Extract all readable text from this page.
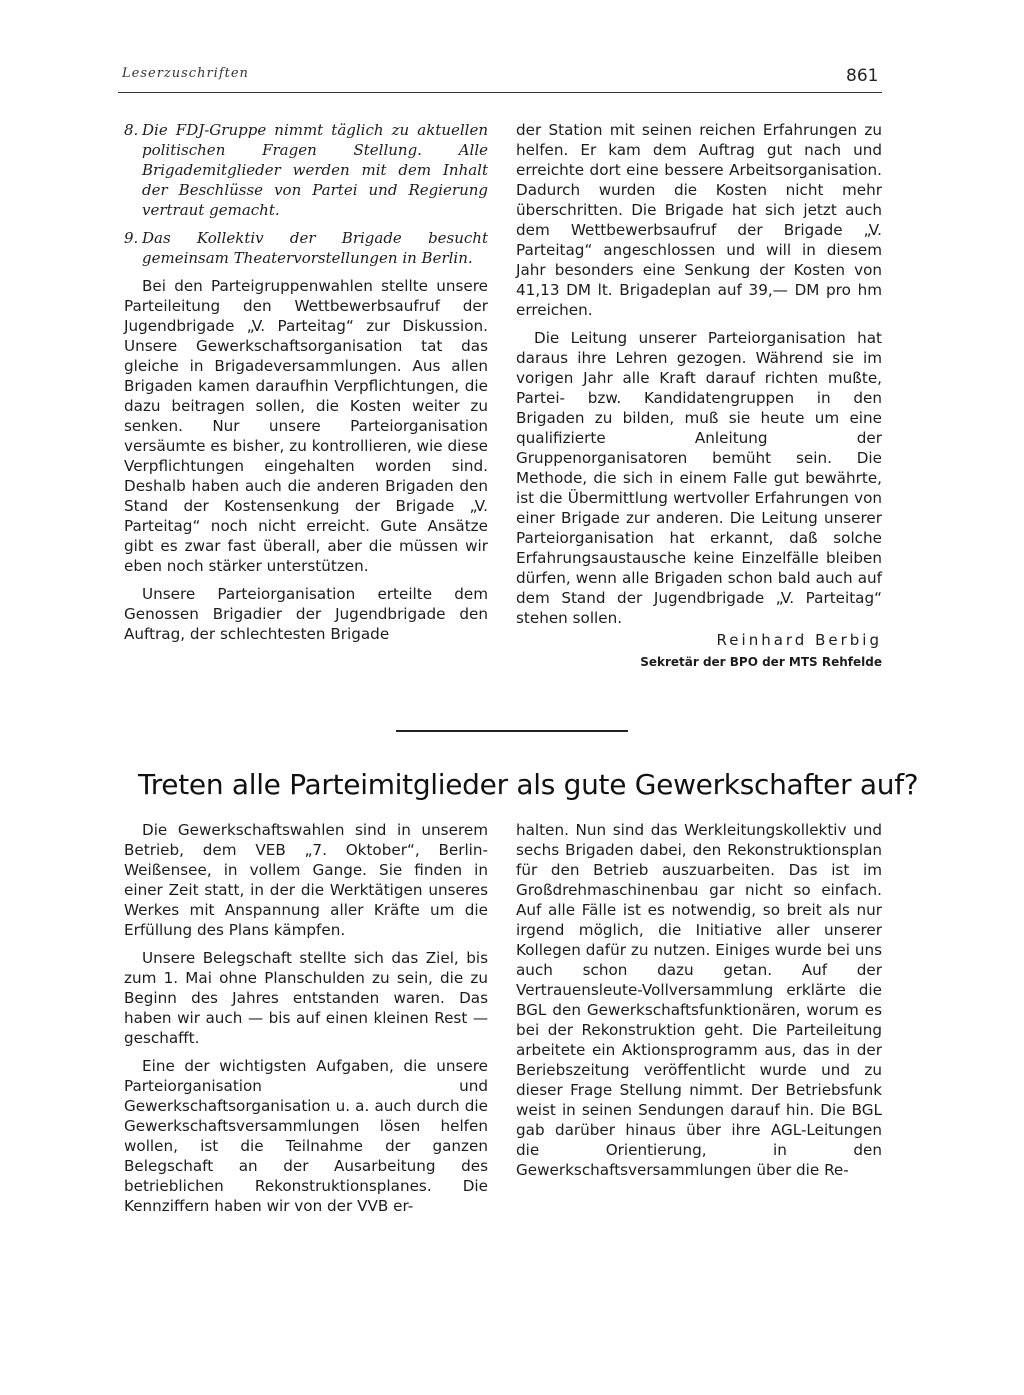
Leserzuschriften	861
8. Die FDJ-Gruppe nimmt täglich zu aktuellen politischen Fragen Stellung. Alle Brigademitglieder werden mit dem Inhalt der Beschlüsse von Partei und Regierung vertraut gemacht.
9. Das Kollektiv der Brigade besucht gemeinsam Theatervorstellungen in Berlin.

Bei den Parteigruppenwahlen stellte unsere Parteileitung den Wettbewerbsaufruf der Jugendbrigade „V. Parteitag“ zur Diskussion. Unsere Gewerkschaftsorganisation tat das gleiche in Brigadeversammlungen. Aus allen Brigaden kamen daraufhin Verpflichtungen, die dazu beitragen sollen, die Kosten weiter zu senken. Nur unsere Parteiorganisation versäumte es bisher, zu kontrollieren, wie diese Verpflichtungen eingehalten worden sind. Deshalb haben auch die anderen Brigaden den Stand der Kostensenkung der Brigade „V. Parteitag“ noch nicht erreicht. Gute Ansätze gibt es zwar fast überall, aber die müssen wir eben noch stärker unterstützen.

Unsere Parteiorganisation erteilte dem Genossen Brigadier der Jugendbrigade den Auftrag, der schlechtesten Brigade

der Station mit seinen reichen Erfahrungen zu helfen. Er kam dem Auftrag gut nach und erreichte dort eine bessere Arbeitsorganisation. Dadurch wurden die Kosten nicht mehr überschritten. Die Brigade hat sich jetzt auch dem Wettbewerbsaufruf der Brigade „V. Parteitag“ angeschlossen und will in diesem Jahr besonders eine Senkung der Kosten von 41,13 DM lt. Brigadeplan auf 39,— DM pro hm erreichen.

Die Leitung unserer Parteiorganisation hat daraus ihre Lehren gezogen. Während sie im vorigen Jahr alle Kraft darauf richten mußte, Partei- bzw. Kandidatengruppen in den Brigaden zu bilden, muß sie heute um eine qualifizierte Anleitung der Gruppenorganisatoren bemüht sein. Die Methode, die sich in einem Falle gut bewährte, ist die Übermittlung wertvoller Erfahrungen von einer Brigade zur anderen. Die Leitung unserer Parteiorganisation hat erkannt, daß solche Erfahrungsaustausche keine Einzelfälle bleiben dürfen, wenn alle Brigaden schon bald auch auf dem Stand der Jugendbrigade „V. Parteitag“ stehen sollen.

Reinhard Berbig
Sekretär der BPO der MTS Rehfelde
Treten alle Parteimitglieder als gute Gewerkschafter auf?

Die Gewerkschaftswahlen sind in unserem Betrieb, dem VEB „7. Oktober“, Berlin-Weißensee, in vollem Gange. Sie finden in einer Zeit statt, in der die Werktätigen unseres Werkes mit Anspannung aller Kräfte um die Erfüllung des Plans kämpfen.

Unsere Belegschaft stellte sich das Ziel, bis zum 1. Mai ohne Planschulden zu sein, die zu Beginn des Jahres entstanden waren. Das haben wir auch — bis auf einen kleinen Rest — geschafft.

Eine der wichtigsten Aufgaben, die unsere Parteiorganisation und Gewerkschaftsorganisation u. a. auch durch die Gewerkschaftsversammlungen lösen helfen wollen, ist die Teilnahme der ganzen Belegschaft an der Ausarbeitung des betrieblichen Rekonstruktionsplanes. Die Kennziffern haben wir von der VVB er-

halten. Nun sind das Werkleitungskollektiv und sechs Brigaden dabei, den Rekonstruktionsplan für den Betrieb auszuarbeiten. Das ist im Großdrehmaschinenbau gar nicht so einfach. Auf alle Fälle ist es notwendig, so breit als nur irgend möglich, die Initiative aller unserer Kollegen dafür zu nutzen. Einiges wurde bei uns auch schon dazu getan. Auf der Vertrauensleute-Vollversammlung erklärte die BGL den Gewerkschaftsfunktionären, worum es bei der Rekonstruktion geht. Die Parteileitung arbeitete ein Aktionsprogramm aus, das in der Beriebszeitung veröffentlicht wurde und zu dieser Frage Stellung nimmt. Der Betriebsfunk weist in seinen Sendungen darauf hin. Die BGL gab darüber hinaus über ihre AGL-Leitungen die Orientierung, in den Gewerkschaftsversammlungen über die Re-
